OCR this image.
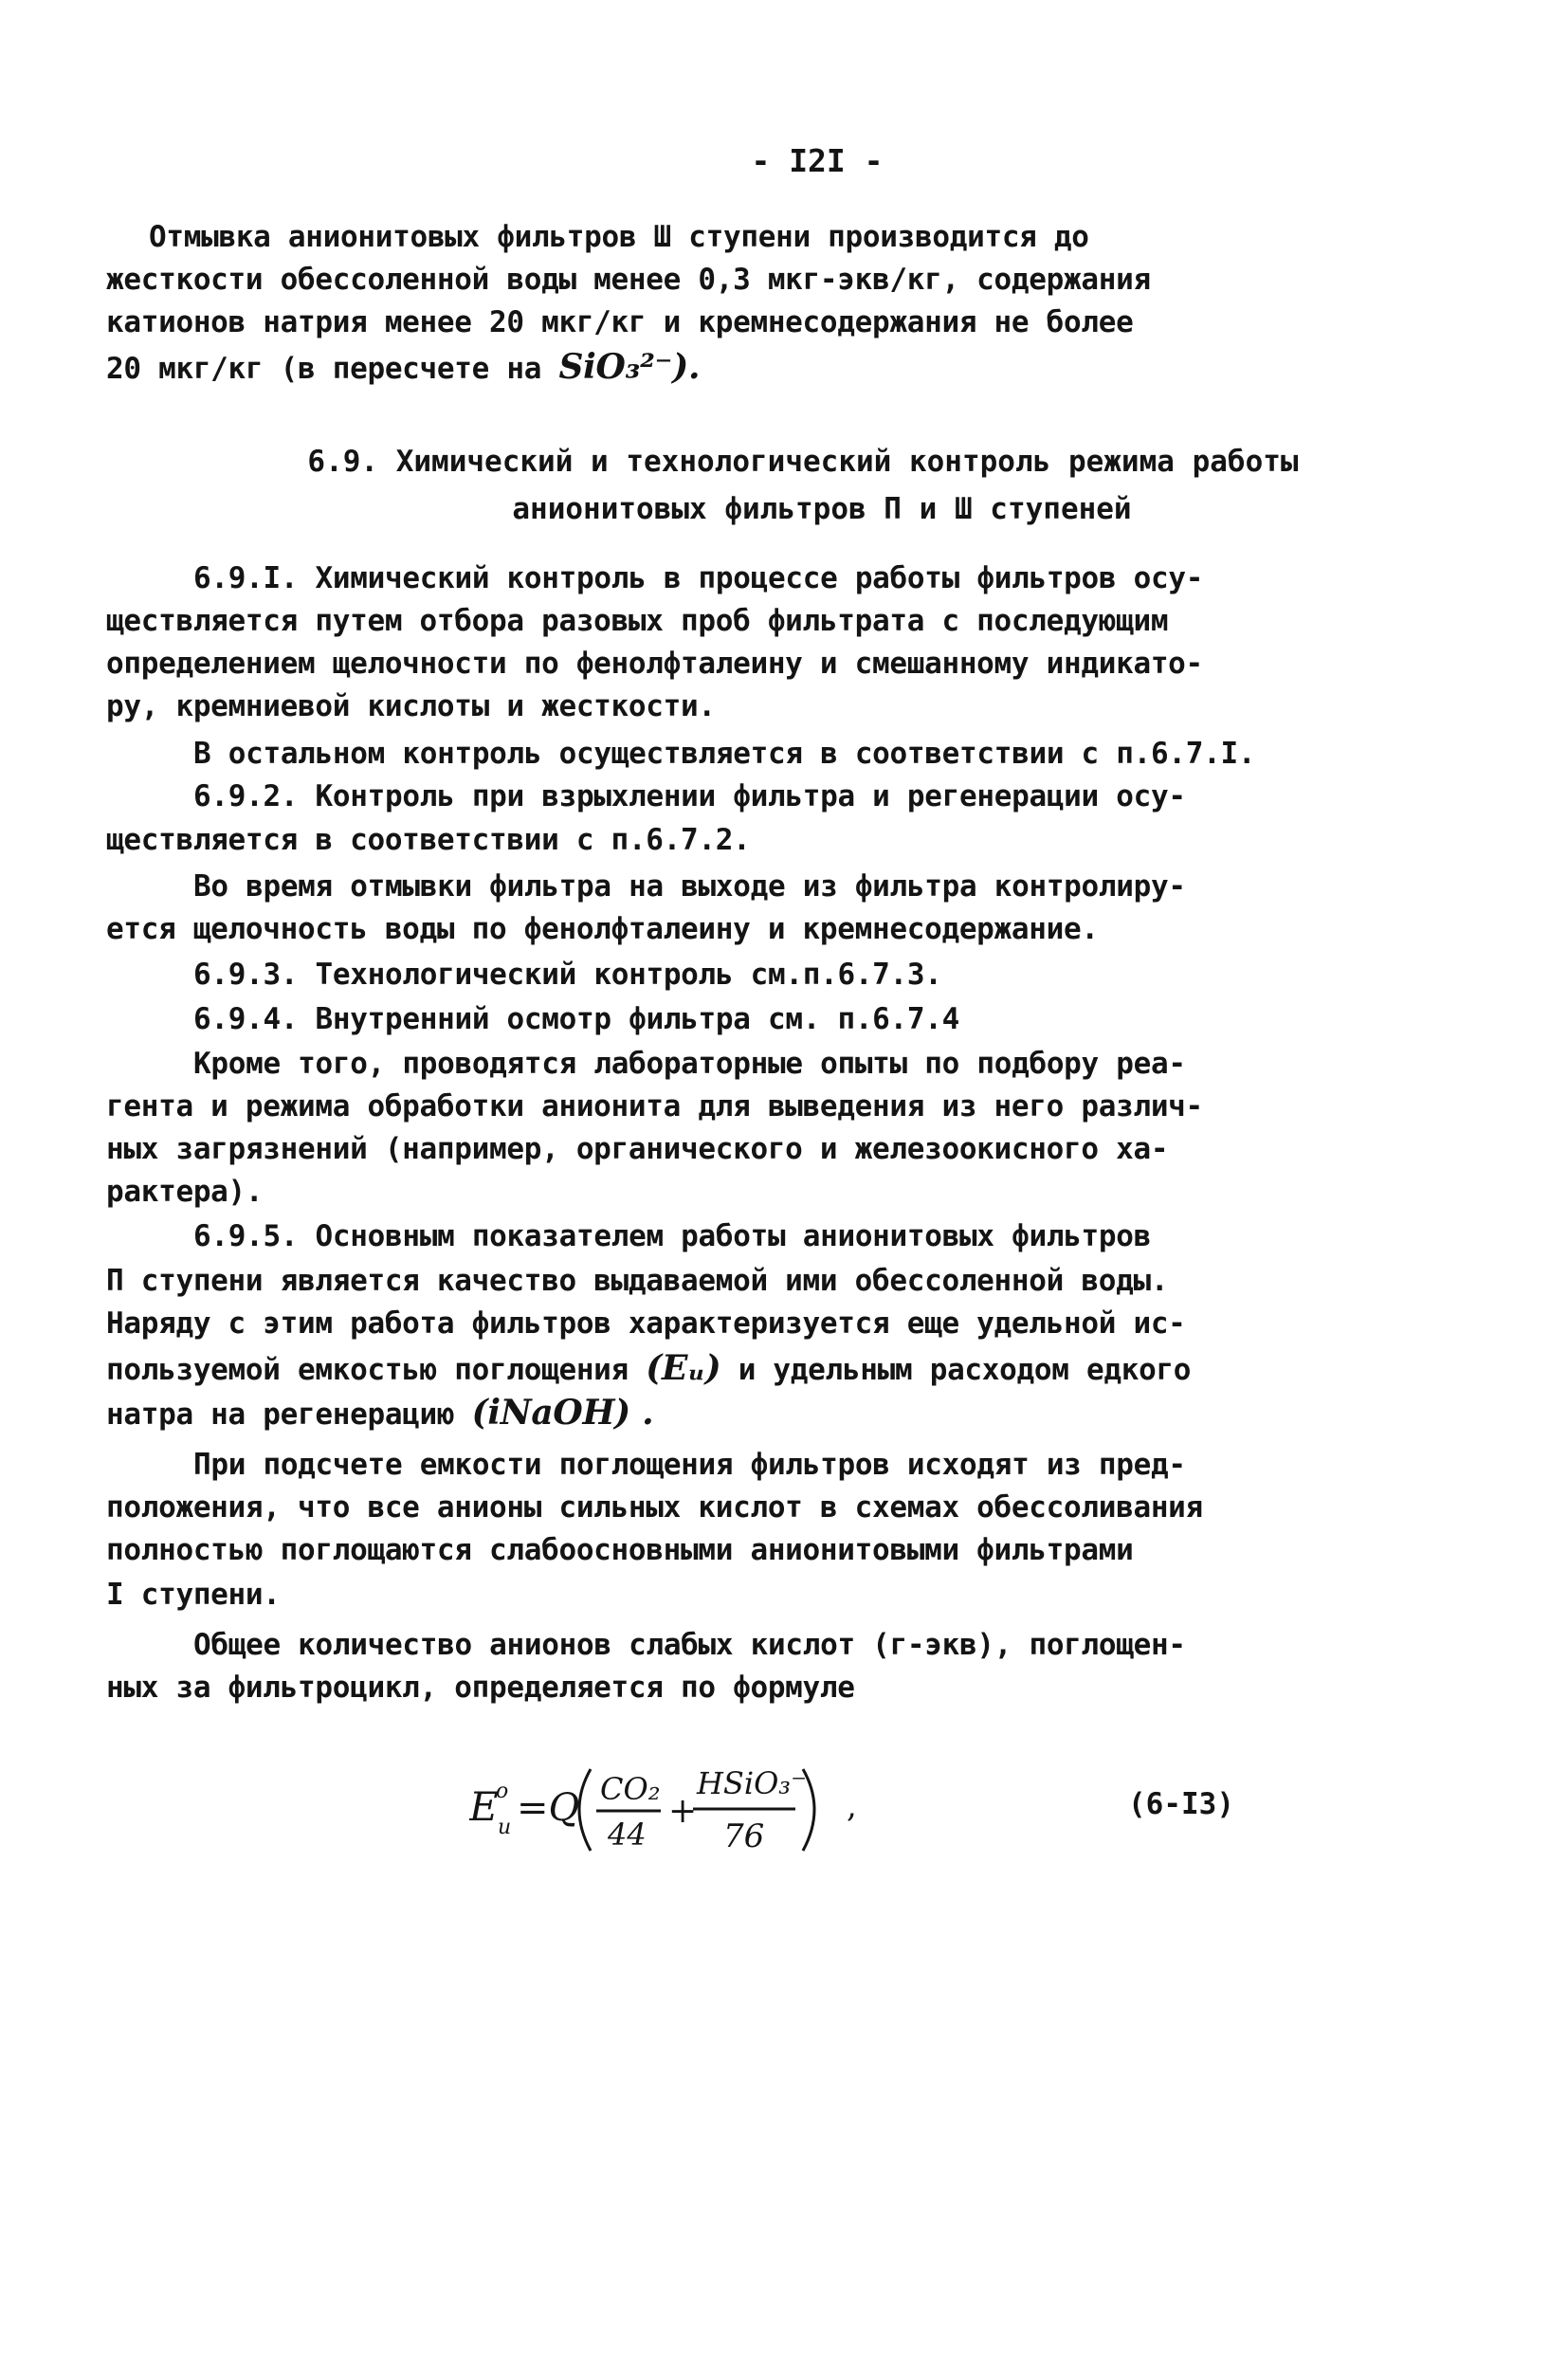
- I2I -
Отмывка анионитовых фильтров Ш ступени производится до
жесткости обессоленной воды менее 0,3 мкг-экв/кг, содержания
катионов натрия менее 20 мкг/кг и кремнесодержания не более
20 мкг/кг (в пересчете на SiO₃²⁻).
6.9. Химический и технологический контроль режима работы
анионитовых фильтров П и Ш ступеней
6.9.I. Химический контроль в процессе работы фильтров осу-
ществляется путем отбора разовых проб фильтрата с последующим
определением щелочности по фенолфталеину и смешанному индикато-
ру, кремниевой кислоты и жесткости.
В остальном контроль осуществляется в соответствии с п.6.7.I.
6.9.2. Контроль при взрыхлении фильтра и регенерации осу-
ществляется в соответствии с п.6.7.2.
Во время отмывки фильтра на выходе из фильтра контролиру-
ется щелочность воды по фенолфталеину и кремнесодержание.
6.9.3. Технологический контроль см.п.6.7.3.
6.9.4. Внутренний осмотр фильтра см. п.6.7.4
Кроме того, проводятся лабораторные опыты по подбору реа-
гента и режима обработки анионита для выведения из него различ-
ных загрязнений (например, органического и железоокисного ха-
рактера).
6.9.5. Основным показателем работы анионитовых фильтров
П ступени является качество выдаваемой ими обессоленной воды.
Наряду с этим работа фильтров характеризуется еще удельной ис-
пользуемой емкостью поглощения (Eᵤ) и удельным расходом едкого
натра на регенерацию (iNaOH) .
При подсчете емкости поглощения фильтров исходят из пред-
положения, что все анионы сильных кислот в схемах обессоливания
полностью поглощаются слабоосновными анионитовыми фильтрами
I ступени.
Общее количество анионов слабых кислот (г-экв), поглощен-
ных за фильтроцикл, определяется по формуле
E
o
u =Q CO₂
44
+
HSiO₃⁻
76
,	(6-I3)
